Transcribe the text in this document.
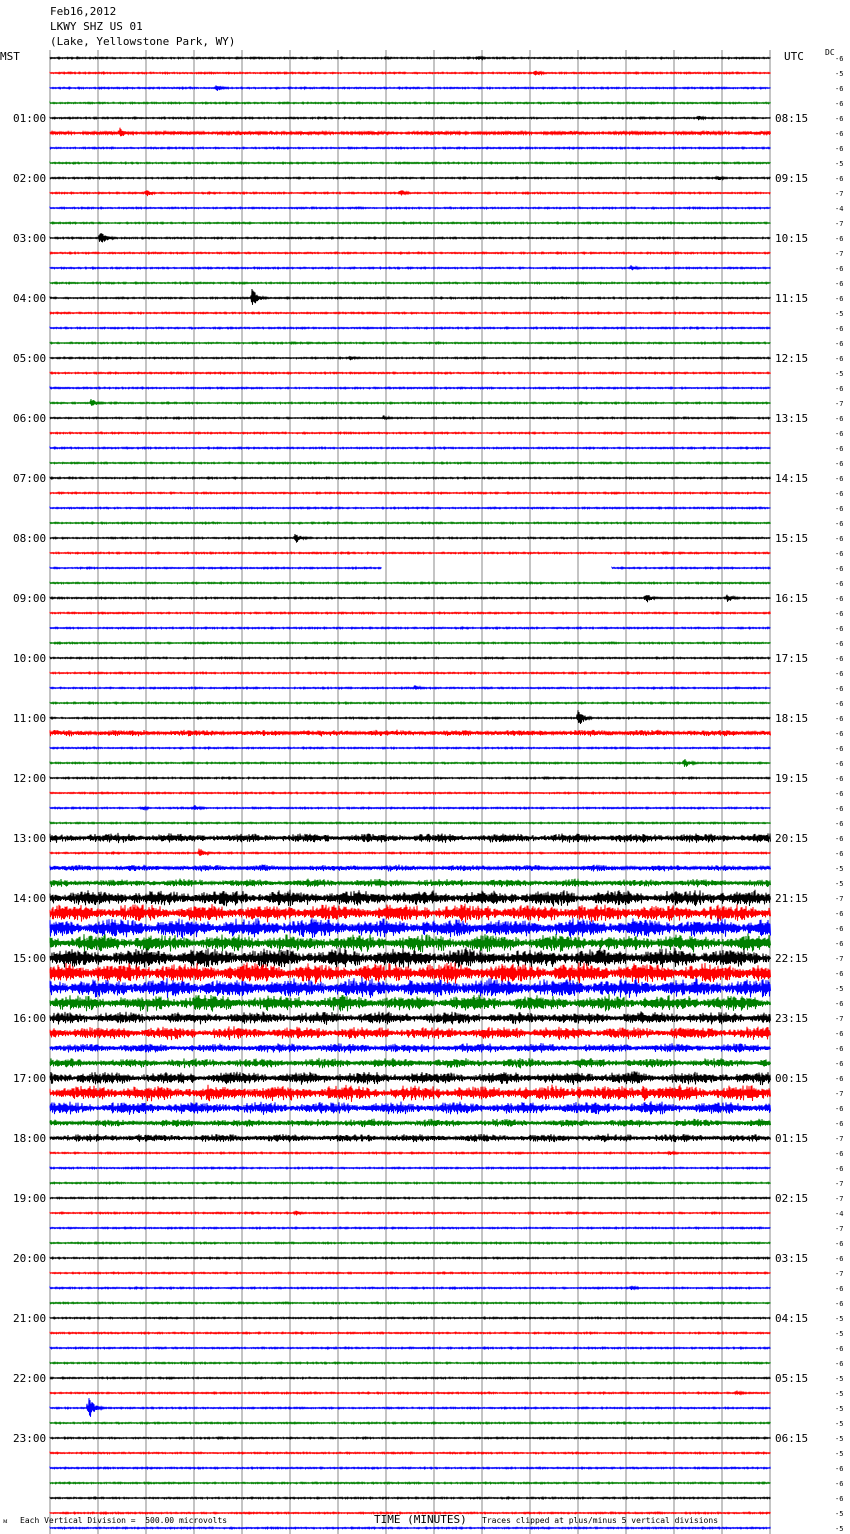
Feb16,2012
LKWY SHZ US 01
(Lake, Yellowstone Park, WY)
MST	UTC	DC
01:00
02:00
03:00
04:00
05:00
06:00
07:00
08:00
09:00
10:00
11:00
12:00
13:00
14:00
15:00
16:00
17:00
18:00
19:00
20:00
21:00
22:00
23:00
08:15
09:15
10:15
11:15
12:15
13:15
14:15
15:15
16:15
17:15
18:15
19:15
20:15
21:15
22:15
23:15
00:15
01:15
02:15
03:15
04:15
05:15
06:15
-6
-5
-6
-6
-6
-6
-6
-5
-6
-7
-4
-7
-6
-7
-6
-6
-6
-5
-6
-6
-6
-5
-6
-7
-6
-6
-6
-6
-6
-6
-6
-6
-6
-6
-6
-6
-6
-6
-6
-6
-6
-6
-6
-6
-6
-6
-6
-6
-6
-6
-6
-6
-6
-6
-5
-5
-7
-6
-6
-6
-7
-6
-5
-6
-7
-6
-6
-6
-6
-7
-6
-6
-7
-6
-6
-7
-7
-4
-7
-6
-6
-7
-6
-6
-5
-5
-6
-6
-5
-5
-5
-5
-5
-5
-6
-6
-6
-5
-5
ᴍ Each Vertical Division =  500.00 microvolts	TIME (MINUTES) Traces clipped at plus/minus 5 vertical divisions
